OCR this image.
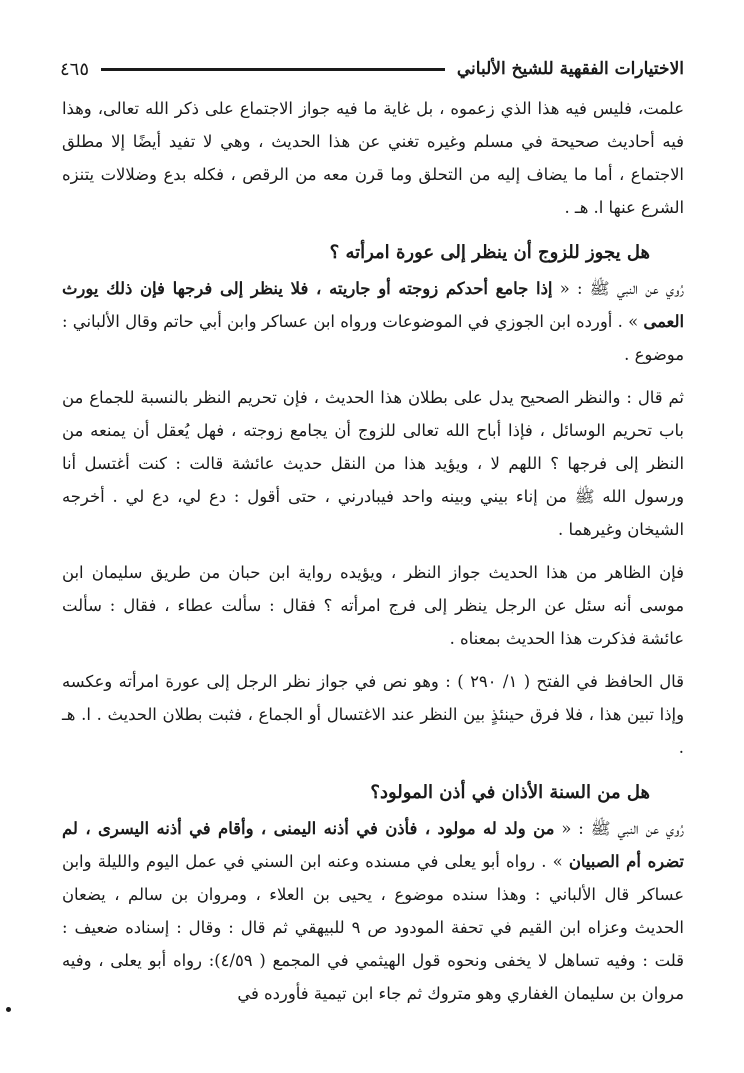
الاختيارات الفقهية للشيخ الألباني
٤٦٥

علمت، فليس فيه هذا الذي زعموه ، بل غاية ما فيه جواز الاجتماع على ذكر الله تعالى، وهذا فيه أحاديث صحيحة في مسلم وغيره تغني عن هذا الحديث ، وهي لا تفيد أيضًا إلا مطلق الاجتماع ، أما ما يضاف إليه من التحلق وما قرن معه من الرقص ، فكله بدع وضلالات يتنزه الشرع عنها ا. هـ .

هل يجوز للزوج أن ينظر إلى عورة امرأته ؟

رُوي عن النبي ﷺ : « إذا جامع أحدكم زوجته أو جاريته ، فلا ينظر إلى فرجها فإن ذلك يورث العمى » . أورده ابن الجوزي في الموضوعات ورواه ابن عساكر وابن أبي حاتم وقال الألباني : موضوع .

ثم قال : والنظر الصحيح يدل على بطلان هذا الحديث ، فإن تحريم النظر بالنسبة للجماع من باب تحريم الوسائل ، فإذا أباح الله تعالى للزوج أن يجامع زوجته ، فهل يُعقل أن يمنعه من النظر إلى فرجها ؟ اللهم لا ، ويؤيد هذا من النقل حديث عائشة قالت : كنت أغتسل أنا ورسول الله ﷺ من إناء بيني وبينه واحد فيبادرني ، حتى أقول : دع لي، دع لي . أخرجه الشيخان وغيرهما .

فإن الظاهر من هذا الحديث جواز النظر ، ويؤيده رواية ابن حبان من طريق سليمان ابن موسى أنه سئل عن الرجل ينظر إلى فرج امرأته ؟ فقال : سألت عطاء ، فقال : سألت عائشة فذكرت هذا الحديث بمعناه .

قال الحافظ في الفتح ( ١/ ٢٩٠ ) : وهو نص في جواز نظر الرجل إلى عورة امرأته وعكسه وإذا تبين هذا ، فلا فرق حينئذٍ بين النظر عند الاغتسال أو الجماع ، فثبت بطلان الحديث . ا. هـ .

هل من السنة الأذان في أذن المولود؟

رُوي عن النبي ﷺ : « من ولد له مولود ، فأذن في أذنه اليمنى ، وأقام في أذنه اليسرى ، لم تضره أم الصبيان » . رواه أبو يعلى في مسنده وعنه ابن السني في عمل اليوم والليلة وابن عساكر قال الألباني : وهذا سنده موضوع ، يحيى بن العلاء ، ومروان بن سالم ، يضعان الحديث وعزاه ابن القيم في تحفة المودود ص ٩ للبيهقي ثم قال : وقال : إسناده ضعيف : قلت : وفيه تساهل لا يخفى ونحوه قول الهيثمي في المجمع ( ٤/٥٩): رواه أبو يعلى ، وفيه مروان بن سليمان الغفاري وهو متروك ثم جاء ابن تيمية فأورده في
